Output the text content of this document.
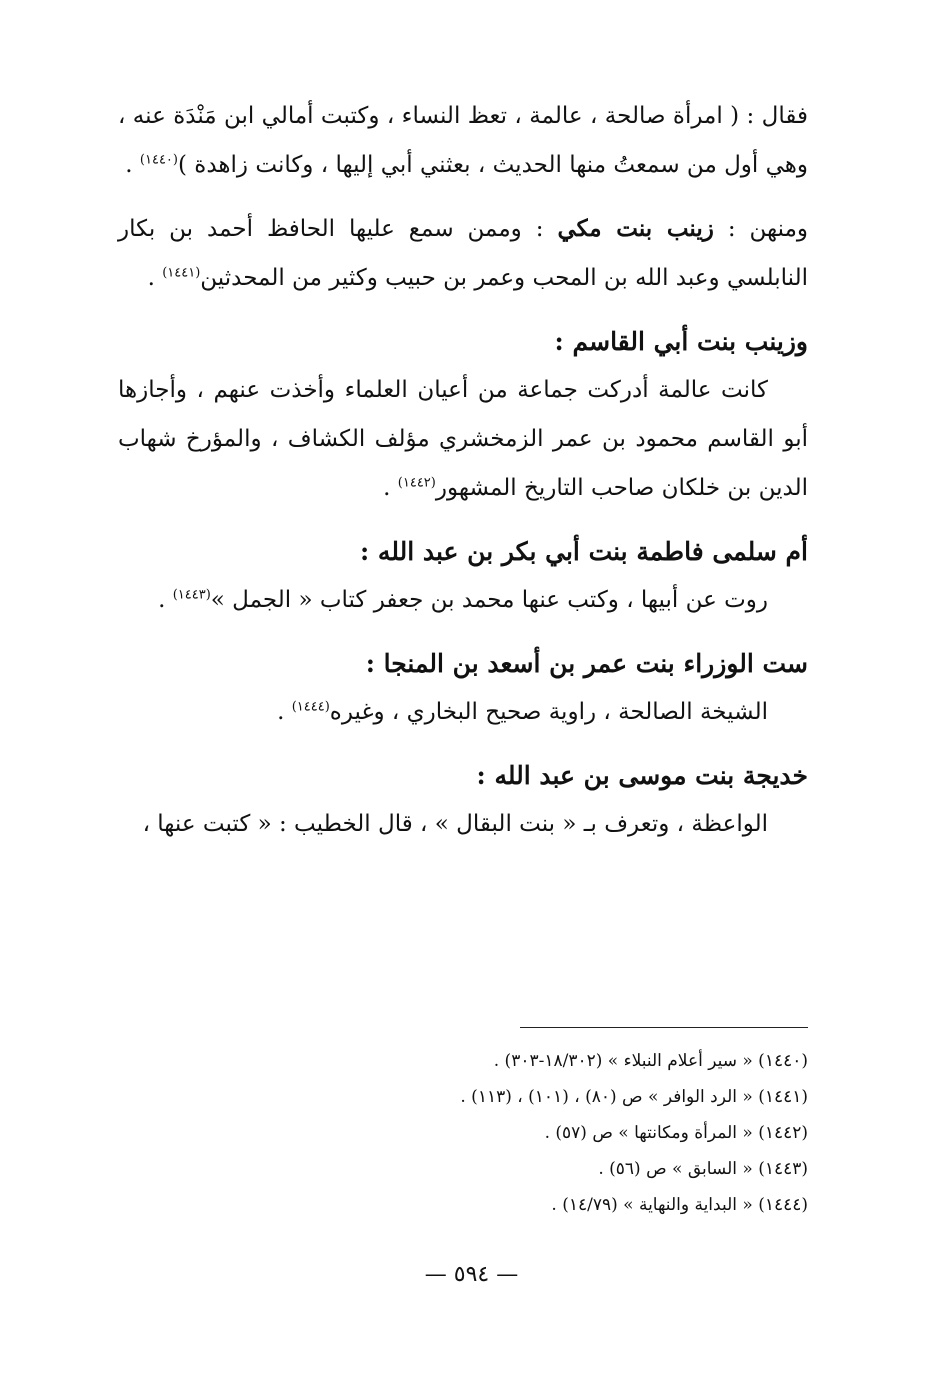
فقال : ( امرأة صالحة ، عالمة ، تعظ النساء ، وكتبت أمالي ابن مَنْدَة عنه ، وهي أول من سمعتُ منها الحديث ، بعثني أبي إليها ، وكانت زاهدة )$^{(١٤٤٠)}$ .

ومنهن : زينب بنت مكي : وممن سمع عليها الحافظ أحمد بن بكار النابلسي وعبد الله بن المحب وعمر بن حبيب وكثير من المحدثين$^{(١٤٤١)}$ .

وزينب بنت أبي القاسم :

كانت عالمة أدركت جماعة من أعيان العلماء وأخذت عنهم ، وأجازها أبو القاسم محمود بن عمر الزمخشري مؤلف الكشاف ، والمؤرخ شهاب الدين بن خلكان صاحب التاريخ المشهور$^{(١٤٤٢)}$ .

أم سلمى فاطمة بنت أبي بكر بن عبد الله :

روت عن أبيها ، وكتب عنها محمد بن جعفر كتاب « الجمل »$^{(١٤٤٣)}$ .

ست الوزراء بنت عمر بن أسعد بن المنجا :

الشيخة الصالحة ، راوية صحيح البخاري ، وغيره$^{(١٤٤٤)}$ .

خديجة بنت موسى بن عبد الله :

الواعظة ، وتعرف بـ « بنت البقال » ، قال الخطيب : « كتبت عنها ،

(١٤٤٠) « سير أعلام النبلاء » (١٨/٣٠٢-٣٠٣) .

(١٤٤١) « الرد الوافر » ص (٨٠) ، (١٠١) ، (١١٣) .

(١٤٤٢) « المرأة ومكانتها » ص (٥٧) .

(١٤٤٣) « السابق » ص (٥٦) .

(١٤٤٤) « البداية والنهاية » (١٤/٧٩) .

— ٥٩٤ —
